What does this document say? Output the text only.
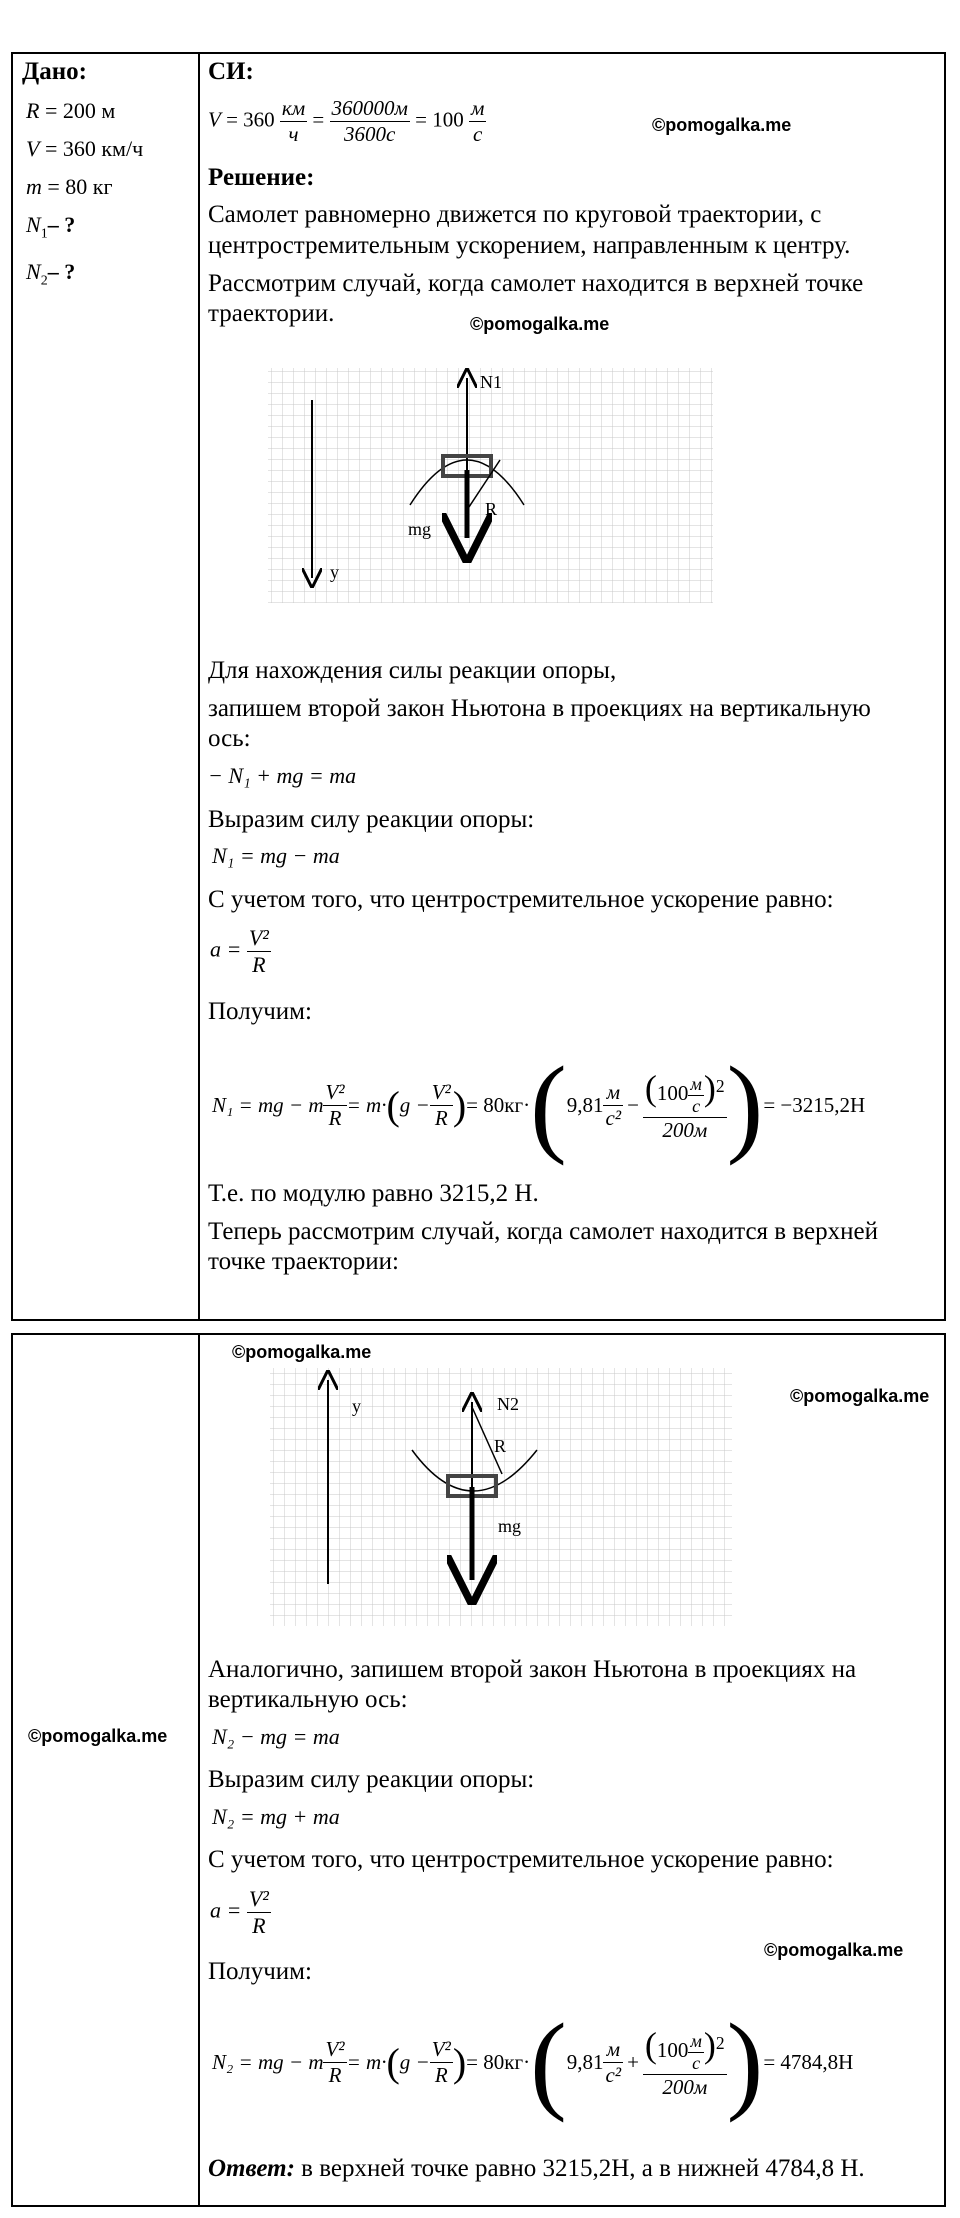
Дано:
R = 200 м
V = 360 км/ч
m = 80 кг
$N_1-$ ?
$N_2-$ ?
СИ:
V = 360 км
ч
= 360000м
3600с
= 100 м
с	©pomogalka.me
Решение:
Самолет равномерно движется по круговой траектории, с
центростремительным ускорением, направленным к центру.
Рассмотрим случай, когда самолет находится в верхней точке
траектории.	©pomogalka.me
y
N1
R
mg
Для нахождения силы реакции опоры,
запишем второй закон Ньютона в проекциях на вертикальную
ось:
− N₁ + mg = ma
Выразим силу реакции опоры:
N₁ = mg − ma
С учетом того, что центростремительное ускорение равно:
$a = \frac{\text{V²}}{R}$
Получим:
N₁ = mg − m $\frac{\text{V²}}{R} = m\cdot$ ( $g - \frac{\text{V²}}{R}$ ) = 80кг· ( 9,81
м
с²
− (100 м
с )$^2$
200м ) = −3215,2Н
Т.е. по модулю равно 3215,2 Н.
Теперь рассмотрим случай, когда самолет находится в верхней
точке траектории:
©pomogalka.me
©pomogalka.me
©pomogalka.me
y	N2
R
mg
Аналогично, запишем второй закон Ньютона в проекциях на
вертикальную ось:
N₂ − mg = ma
Выразим силу реакции опоры:
N₂ = mg + ma
С учетом того, что центростремительное ускорение равно:
$a = \frac{\text{V²}}{R}$
©pomogalka.me
Получим:
N₂ = mg − m $\frac{\text{V²}}{R} = m\cdot$ ( $g - \frac{\text{V²}}{R}$ ) = 80кг· ( 9,81
м
с²
+ (100 м
с )$^2$
200м ) = 4784,8Н
Ответ: в верхней точке равно 3215,2Н, а в нижней 4784,8 Н.
